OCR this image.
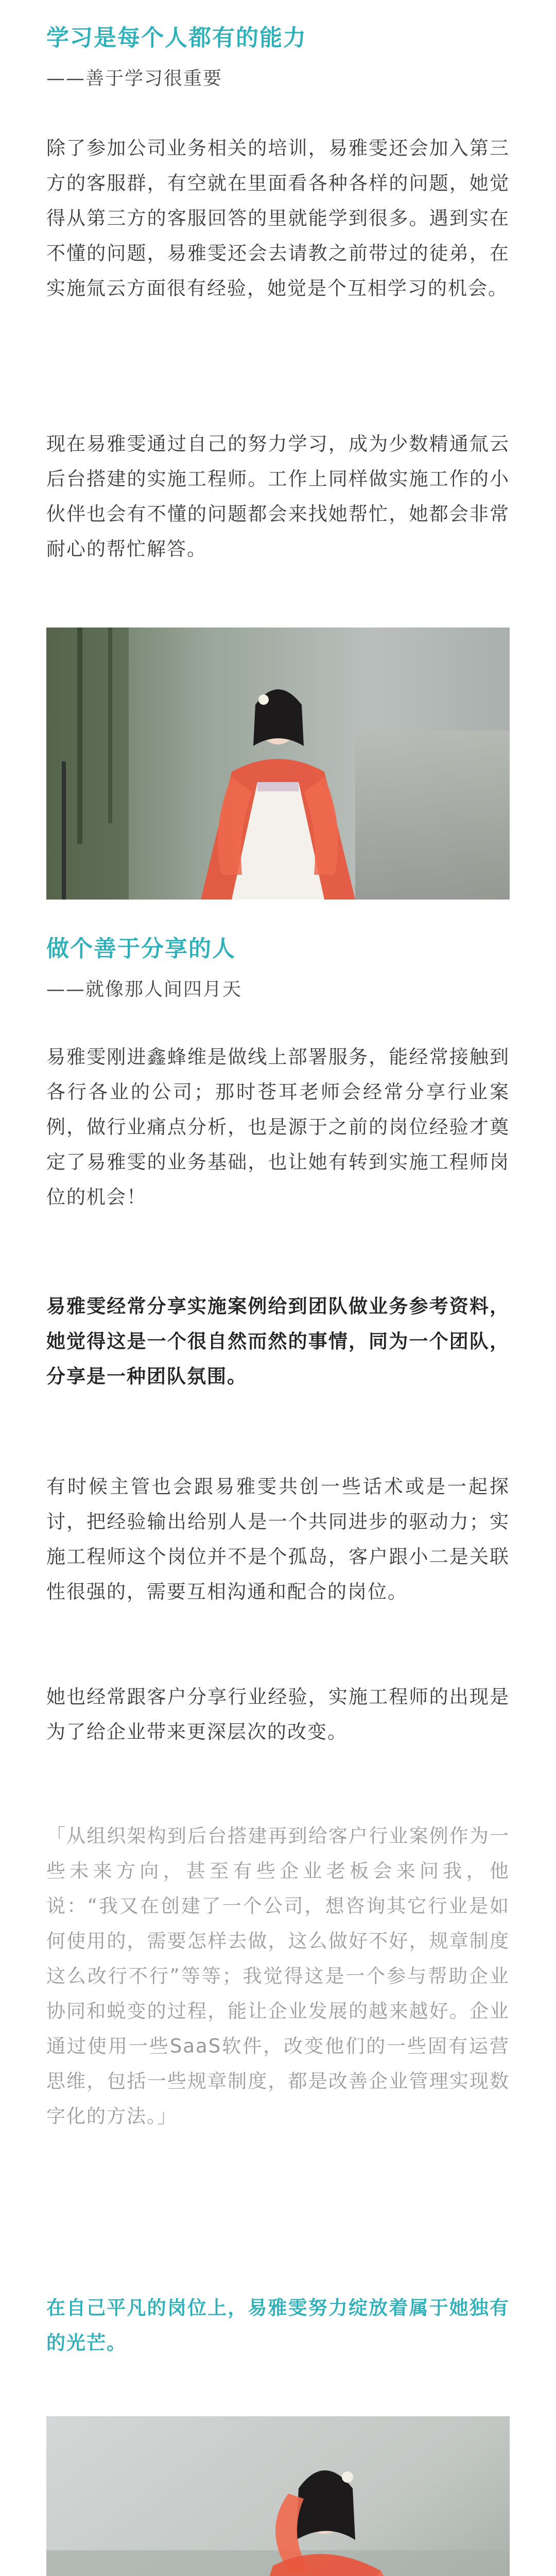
学习是每个人都有的能力
——善于学习很重要

除了参加公司业务相关的培训，易雅雯还会加入第三方的客服群，有空就在里面看各种各样的问题，她觉得从第三方的客服回答的里就能学到很多。遇到实在不懂的问题，易雅雯还会去请教之前带过的徒弟，在实施氚云方面很有经验，她觉是个互相学习的机会。

现在易雅雯通过自己的努力学习，成为少数精通氚云后台搭建的实施工程师。工作上同样做实施工作的小伙伴也会有不懂的问题都会来找她帮忙，她都会非常耐心的帮忙解答。

做个善于分享的人
——就像那人间四月天

易雅雯刚进鑫蜂维是做线上部署服务，能经常接触到各行各业的公司；那时苍耳老师会经常分享行业案例，做行业痛点分析，也是源于之前的岗位经验才奠定了易雅雯的业务基础，也让她有转到实施工程师岗位的机会！

易雅雯经常分享实施案例给到团队做业务参考资料，她觉得这是一个很自然而然的事情，同为一个团队，分享是一种团队氛围。

有时候主管也会跟易雅雯共创一些话术或是一起探讨，把经验输出给别人是一个共同进步的驱动力；实施工程师这个岗位并不是个孤岛，客户跟小二是关联性很强的，需要互相沟通和配合的岗位。

她也经常跟客户分享行业经验，实施工程师的出现是为了给企业带来更深层次的改变。

「从组织架构到后台搭建再到给客户行业案例作为一些未来方向，甚至有些企业老板会来问我，他说：“我又在创建了一个公司，想咨询其它行业是如何使用的，需要怎样去做，这么做好不好，规章制度这么改行不行”等等；我觉得这是一个参与帮助企业协同和蜕变的过程，能让企业发展的越来越好。企业通过使用一些SaaS软件，改变他们的一些固有运营思维，包括一些规章制度，都是改善企业管理实现数字化的方法。」

在自己平凡的岗位上，易雅雯努力绽放着属于她独有的光芒。
